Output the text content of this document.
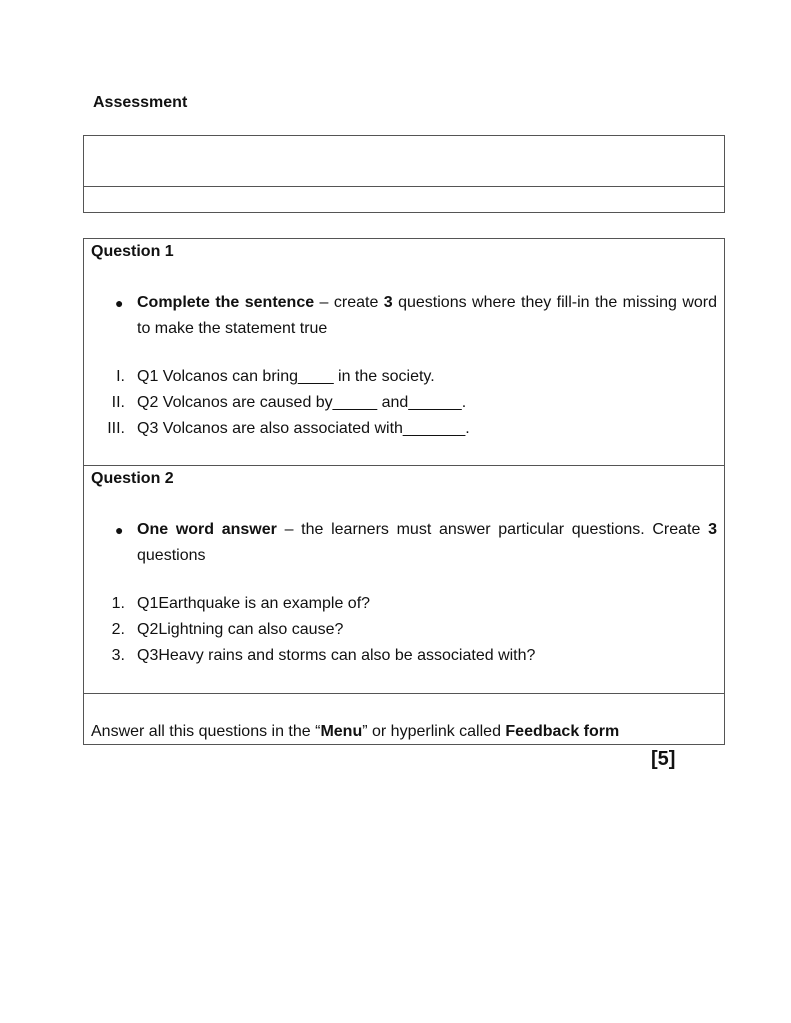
Assessment

Question 1

● Complete the sentence – create 3 questions where they fill-in the missing word to make the statement true
I. Q1 Volcanos can bring____ in the society.
II. Q2 Volcanos are caused by_____ and______.
III. Q3 Volcanos are also associated with_______.

Question 2

● One word answer – the learners must answer particular questions. Create 3 questions
1. Q1Earthquake is an example of?
2. Q2Lightning can also cause?
3. Q3Heavy rains and storms can also be associated with?
Answer all this questions in the “Menu” or hyperlink called Feedback form
[5]
